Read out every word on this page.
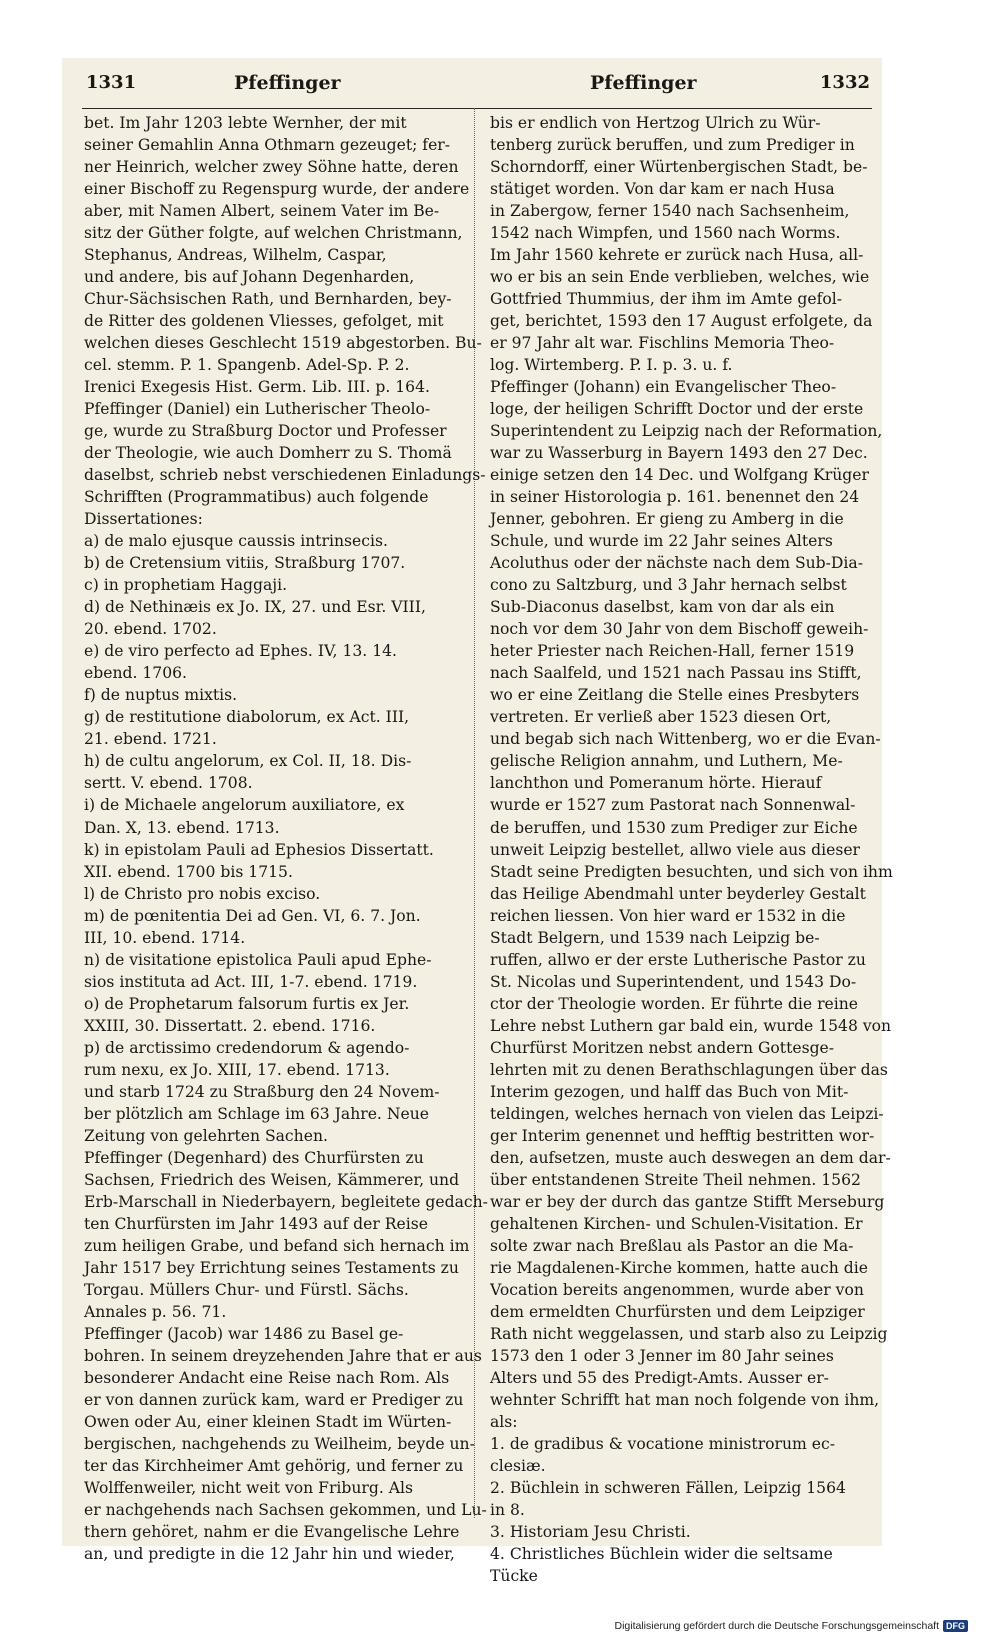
1331	Pfeffinger	Pfeffinger	1332
bet. Im Jahr 1203 lebte Wernher, der mit
seiner Gemahlin Anna Othmarn gezeuget; fer-
ner Heinrich, welcher zwey Söhne hatte, deren
einer Bischoff zu Regenspurg wurde, der andere
aber, mit Namen Albert, seinem Vater im Be-
sitz der Güther folgte, auf welchen Christmann,
Stephanus, Andreas, Wilhelm, Caspar,
und andere, bis auf Johann Degenharden,
Chur-Sächsischen Rath, und Bernharden, bey-
de Ritter des goldenen Vliesses, gefolget, mit
welchen dieses Geschlecht 1519 abgestorben. Bu-
cel. stemm. P. 1. Spangenb. Adel-Sp. P. 2.
Irenici Exegesis Hist. Germ. Lib. III. p. 164.
Pfeffinger (Daniel) ein Lutherischer Theolo-
ge, wurde zu Straßburg Doctor und Professer
der Theologie, wie auch Domherr zu S. Thomä
daselbst, schrieb nebst verschiedenen Einladungs-
Schrifften (Programmatibus) auch folgende
Dissertationes:
a) de malo ejusque caussis intrinsecis.
b) de Cretensium vitiis, Straßburg 1707.
c) in prophetiam Haggaji.
d) de Nethinæis ex Jo. IX, 27. und Esr. VIII,
20. ebend. 1702.
e) de viro perfecto ad Ephes. IV, 13. 14.
ebend. 1706.
f) de nuptus mixtis.
g) de restitutione diabolorum, ex Act. III,
21. ebend. 1721.
h) de cultu angelorum, ex Col. II, 18. Dis-
sertt. V. ebend. 1708.
i) de Michaele angelorum auxiliatore, ex
Dan. X, 13. ebend. 1713.
k) in epistolam Pauli ad Ephesios Dissertatt.
XII. ebend. 1700 bis 1715.
l) de Christo pro nobis exciso.
m) de pœnitentia Dei ad Gen. VI, 6. 7. Jon.
III, 10. ebend. 1714.
n) de visitatione epistolica Pauli apud Ephe-
sios instituta ad Act. III, 1-7. ebend. 1719.
o) de Prophetarum falsorum furtis ex Jer.
XXIII, 30. Dissertatt. 2. ebend. 1716.
p) de arctissimo credendorum & agendo-
rum nexu, ex Jo. XIII, 17. ebend. 1713.
und starb 1724 zu Straßburg den 24 Novem-
ber plötzlich am Schlage im 63 Jahre. Neue
Zeitung von gelehrten Sachen.
Pfeffinger (Degenhard) des Churfürsten zu
Sachsen, Friedrich des Weisen, Kämmerer, und
Erb-Marschall in Niederbayern, begleitete gedach-
ten Churfürsten im Jahr 1493 auf der Reise
zum heiligen Grabe, und befand sich hernach im
Jahr 1517 bey Errichtung seines Testaments zu
Torgau. Müllers Chur- und Fürstl. Sächs.
Annales p. 56. 71.
Pfeffinger (Jacob) war 1486 zu Basel ge-
bohren. In seinem dreyzehenden Jahre that er aus
besonderer Andacht eine Reise nach Rom. Als
er von dannen zurück kam, ward er Prediger zu
Owen oder Au, einer kleinen Stadt im Würten-
bergischen, nachgehends zu Weilheim, beyde un-
ter das Kirchheimer Amt gehörig, und ferner zu
Wolffenweiler, nicht weit von Friburg. Als
er nachgehends nach Sachsen gekommen, und Lu-
thern gehöret, nahm er die Evangelische Lehre
an, und predigte in die 12 Jahr hin und wieder,
bis er endlich von Hertzog Ulrich zu Wür-
tenberg zurück beruffen, und zum Prediger in
Schorndorff, einer Würtenbergischen Stadt, be-
stätiget worden. Von dar kam er nach Husa
in Zabergow, ferner 1540 nach Sachsenheim,
1542 nach Wimpfen, und 1560 nach Worms.
Im Jahr 1560 kehrete er zurück nach Husa, all-
wo er bis an sein Ende verblieben, welches, wie
Gottfried Thummius, der ihm im Amte gefol-
get, berichtet, 1593 den 17 August erfolgete, da
er 97 Jahr alt war. Fischlins Memoria Theo-
log. Wirtemberg. P. I. p. 3. u. f.
Pfeffinger (Johann) ein Evangelischer Theo-
loge, der heiligen Schrifft Doctor und der erste
Superintendent zu Leipzig nach der Reformation,
war zu Wasserburg in Bayern 1493 den 27 Dec.
einige setzen den 14 Dec. und Wolfgang Krüger
in seiner Historologia p. 161. benennet den 24
Jenner, gebohren. Er gieng zu Amberg in die
Schule, und wurde im 22 Jahr seines Alters
Acoluthus oder der nächste nach dem Sub-Dia-
cono zu Saltzburg, und 3 Jahr hernach selbst
Sub-Diaconus daselbst, kam von dar als ein
noch vor dem 30 Jahr von dem Bischoff geweih-
heter Priester nach Reichen-Hall, ferner 1519
nach Saalfeld, und 1521 nach Passau ins Stifft,
wo er eine Zeitlang die Stelle eines Presbyters
vertreten. Er verließ aber 1523 diesen Ort,
und begab sich nach Wittenberg, wo er die Evan-
gelische Religion annahm, und Luthern, Me-
lanchthon und Pomeranum hörte. Hierauf
wurde er 1527 zum Pastorat nach Sonnenwal-
de beruffen, und 1530 zum Prediger zur Eiche
unweit Leipzig bestellet, allwo viele aus dieser
Stadt seine Predigten besuchten, und sich von ihm
das Heilige Abendmahl unter beyderley Gestalt
reichen liessen. Von hier ward er 1532 in die
Stadt Belgern, und 1539 nach Leipzig be-
ruffen, allwo er der erste Lutherische Pastor zu
St. Nicolas und Superintendent, und 1543 Do-
ctor der Theologie worden. Er führte die reine
Lehre nebst Luthern gar bald ein, wurde 1548 von
Churfürst Moritzen nebst andern Gottesge-
lehrten mit zu denen Berathschlagungen über das
Interim gezogen, und halff das Buch von Mit-
teldingen, welches hernach von vielen das Leipzi-
ger Interim genennet und hefftig bestritten wor-
den, aufsetzen, muste auch deswegen an dem dar-
über entstandenen Streite Theil nehmen. 1562
war er bey der durch das gantze Stifft Merseburg
gehaltenen Kirchen- und Schulen-Visitation. Er
solte zwar nach Breßlau als Pastor an die Ma-
rie Magdalenen-Kirche kommen, hatte auch die
Vocation bereits angenommen, wurde aber von
dem ermeldten Churfürsten und dem Leipziger
Rath nicht weggelassen, und starb also zu Leipzig
1573 den 1 oder 3 Jenner im 80 Jahr seines
Alters und 55 des Predigt-Amts. Ausser er-
wehnter Schrifft hat man noch folgende von ihm,
als:
1. de gradibus & vocatione ministrorum ec-
clesiæ.
2. Büchlein in schweren Fällen, Leipzig 1564
in 8.
3. Historiam Jesu Christi.
4. Christliches Büchlein wider die seltsame
Tücke
Digitalisierung gefördert durch die Deutsche Forschungsgemeinschaft DFG
